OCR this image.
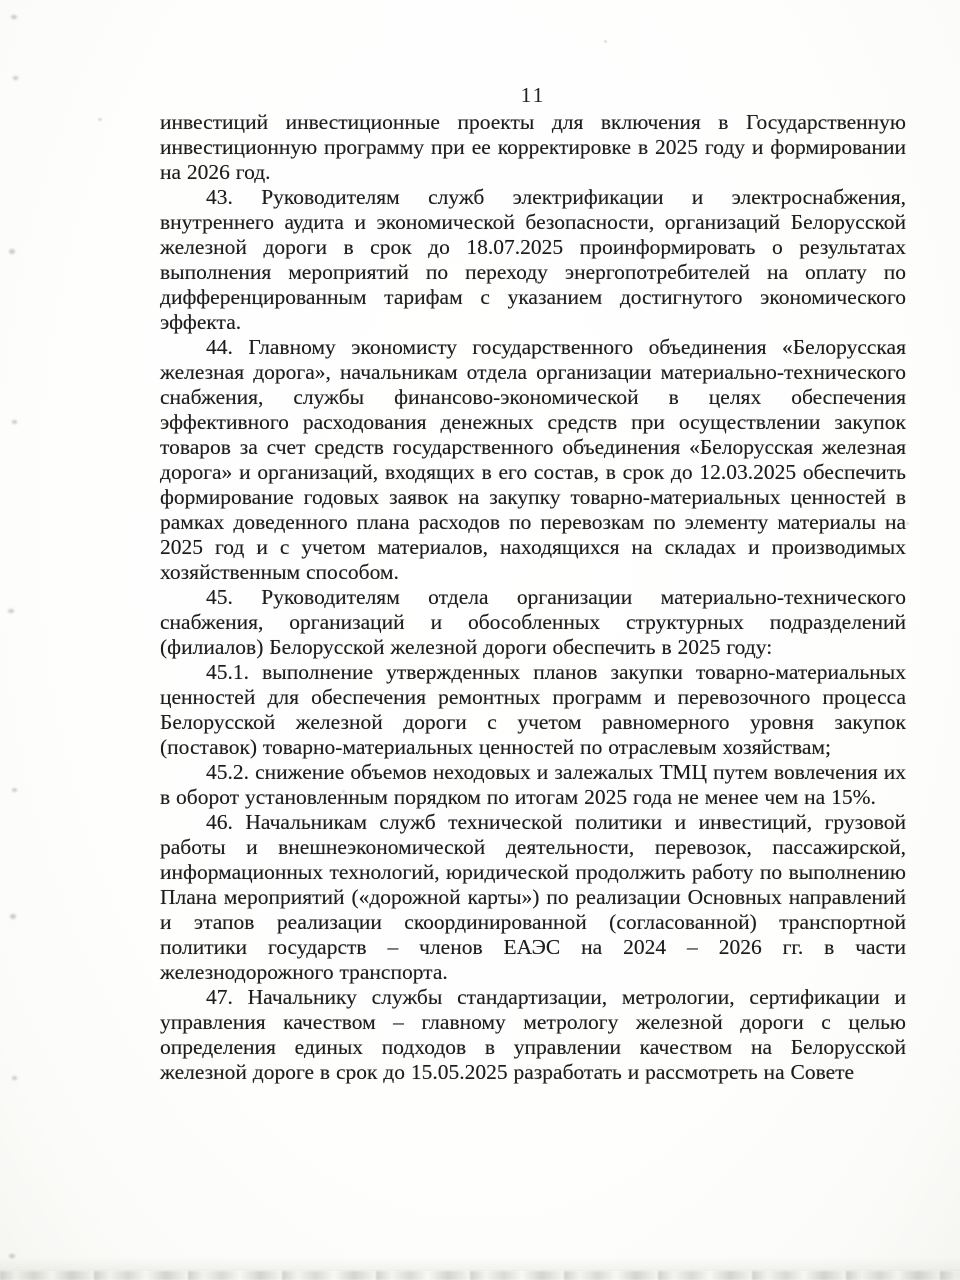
11

инвестиций инвестиционные проекты для включения в Государственную инвестиционную программу при ее корректировке в 2025 году и формировании на 2026 год.

43. Руководителям служб электрификации и электроснабжения, внутреннего аудита и экономической безопасности, организаций Белорусской железной дороги в срок до 18.07.2025 проинформировать о результатах выполнения мероприятий по переходу энергопотребителей на оплату по дифференцированным тарифам с указанием достигнутого экономического эффекта.

44. Главному экономисту государственного объединения «Белорусская железная дорога», начальникам отдела организации материально-технического снабжения, службы финансово-экономической в целях обеспечения эффективного расходования денежных средств при осуществлении закупок товаров за счет средств государственного объединения «Белорусская железная дорога» и организаций, входящих в его состав, в срок до 12.03.2025 обеспечить формирование годовых заявок на закупку товарно-материальных ценностей в рамках доведенного плана расходов по перевозкам по элементу материалы на 2025 год и с учетом материалов, находящихся на складах и производимых хозяйственным способом.

45. Руководителям отдела организации материально-технического снабжения, организаций и обособленных структурных подразделений (филиалов) Белорусской железной дороги обеспечить в 2025 году:

45.1. выполнение утвержденных планов закупки товарно-материальных ценностей для обеспечения ремонтных программ и перевозочного процесса Белорусской железной дороги с учетом равномерного уровня закупок (поставок) товарно-материальных ценностей по отраслевым хозяйствам;

45.2. снижение объемов неходовых и залежалых ТМЦ путем вовлечения их в оборот установленным порядком по итогам 2025 года не менее чем на 15%.

46. Начальникам служб технической политики и инвестиций, грузовой работы и внешнеэкономической деятельности, перевозок, пассажирской, информационных технологий, юридической продолжить работу по выполнению Плана мероприятий («дорожной карты») по реализации Основных направлений и этапов реализации скоординированной (согласованной) транспортной политики государств – членов ЕАЭС на 2024 – 2026 гг. в части железнодорожного транспорта.

47. Начальнику службы стандартизации, метрологии, сертификации и управления качеством – главному метрологу железной дороги с целью определения единых подходов в управлении качеством на Белорусской железной дороге в срок до 15.05.2025 разработать и рассмотреть на Совете
